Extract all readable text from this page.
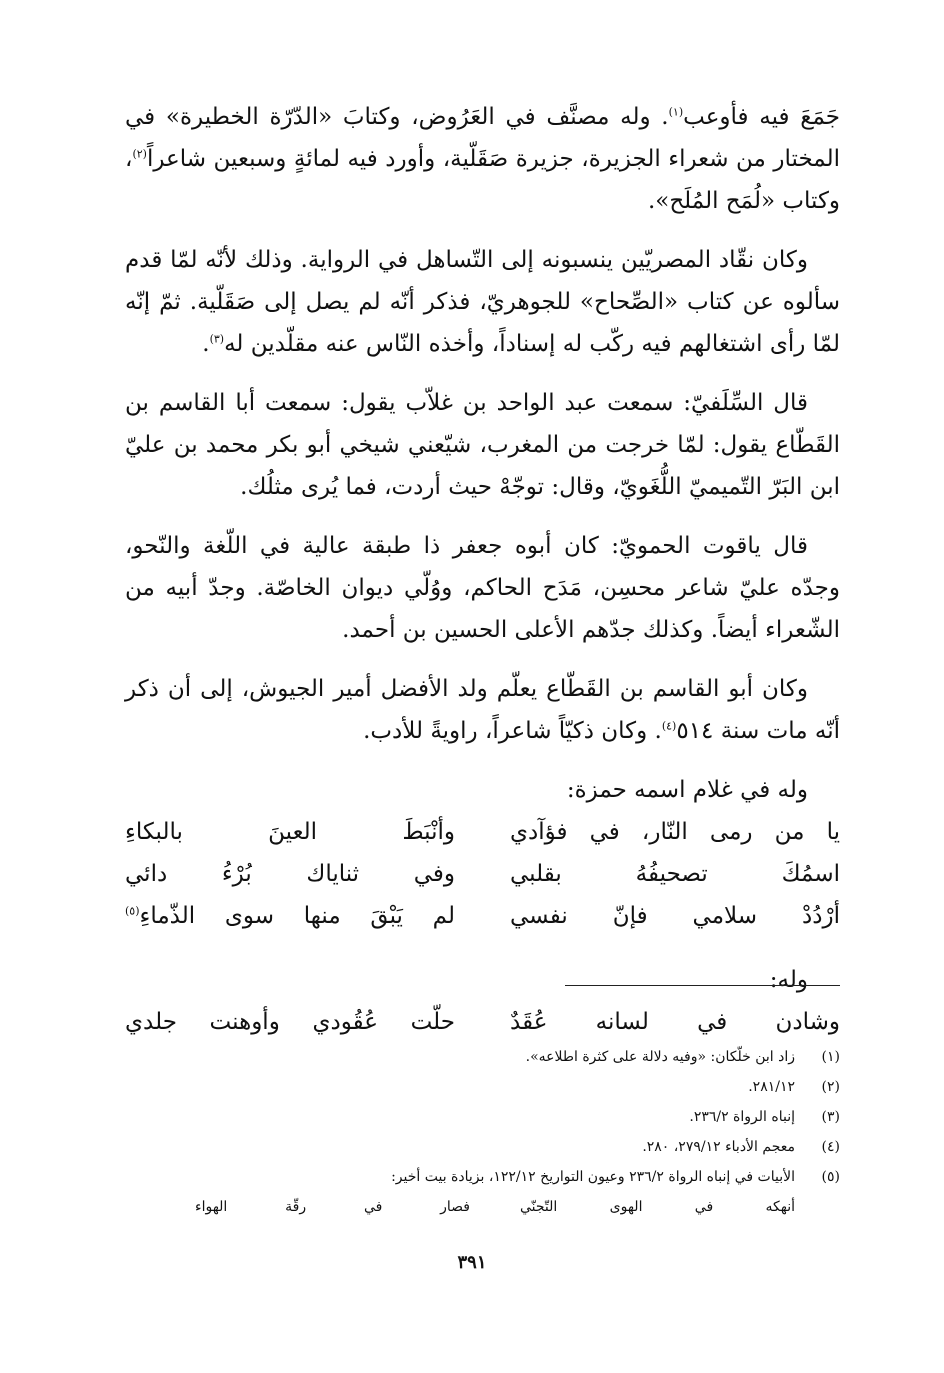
جَمَعَ فيه فأوعب$^{(١)}$. وله مصنَّف في العَرُوض، وكتابَ «الدّرّة الخطيرة» في المختار من شعراء الجزيرة، جزيرة صَقَلّية، وأورد فيه لمائةٍ وسبعين شاعراً$^{(٢)}$، وكتاب «لُمَح المُلَح».

وكان نقّاد المصريّين ينسبونه إلى التّساهل في الرواية. وذلك لأنّه لمّا قدم سألوه عن كتاب «الصِّحاح» للجوهريّ، فذكر أنّه لم يصل إلى صَقَلّية. ثمّ إنّه لمّا رأى اشتغالهم فيه ركّب له إسناداً، وأخذه النّاس عنه مقلّدين له$^{(٣)}$.

قال السِّلَفيّ: سمعت عبد الواحد بن غلاّب يقول: سمعت أبا القاسم بن القَطّاع يقول: لمّا خرجت من المغرب، شيّعني شيخي أبو بكر محمد بن عليّ ابن البَرّ التّميميّ اللُّغَويّ، وقال: توجّهْ حيث أردت، فما يُرى مثلُك.

قال ياقوت الحمويّ: كان أبوه جعفر ذا طبقة عالية في اللّغة والنّحو، وجدّه عليّ شاعر محسِن، مَدَح الحاكم، ووُلّي ديوان الخاصّة. وجدّ أبيه من الشّعراء أيضاً. وكذلك جدّهم الأعلى الحسين بن أحمد.

وكان أبو القاسم بن القَطّاع يعلّم ولد الأفضل أمير الجيوش، إلى أن ذكر أنّه مات سنة ٥١٤$^{(٤)}$. وكان ذكيّاً شاعراً، راويةً للأدب.

وله في غلام اسمه حمزة:

يا من رمى النّار، في فؤآدي
وأنْبَطَ العينَ بالبكاءِ
اسمُكَ تصحيفُهُ بقلبي
وفي ثناياك بُرْءُ دائي
أرْدُدْ سلامي فإنّ نفسي
لم يَبْقَ منها سوى الذّماءِ$^{(٥)}$

وله:

وشادن في لسانه عُقَدٌ
حلّت عُقُودي وأوهنت جلدي
(١)
زاد ابن خلّكان: «وفيه دلالة على كثرة اطلاعه».
(٢)
٢٨١/١٢.
(٣)
إنباه الرواة ٢٣٦/٢.
(٤)
معجم الأدباء ٢٧٩/١٢، ٢٨٠.
(٥)
الأبيات في إنباه الرواة ٢٣٦/٢ وعيون التواريخ ١٢٢/١٢، بزيادة بيت أخير:
أنهكه في الهوى التّجنّي
فصار في رقّة الهواء
٣٩١
